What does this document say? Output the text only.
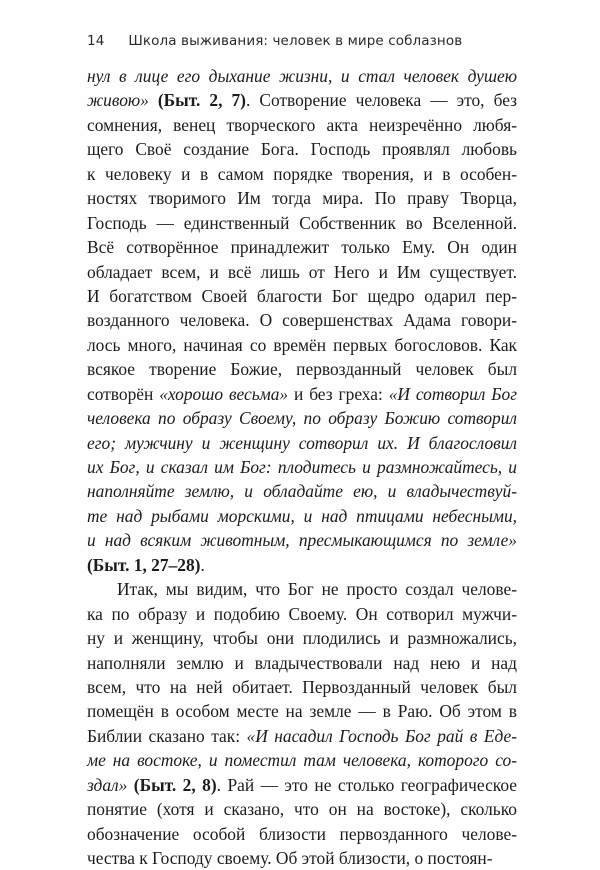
14 Школа выживания: человек в мире соблазнов
нул в лице его дыхание жизни, и стал человек душею
живою» (Быт. 2, 7). Сотворение человека — это, без
сомнения, венец творческого акта неизречённо любя-
щего Своё создание Бога. Господь проявлял любовь
к человеку и в самом порядке творения, и в особен-
ностях творимого Им тогда мира. По праву Творца,
Господь — единственный Собственник во Вселенной.
Всё сотворённое принадлежит только Ему. Он один
обладает всем, и всё лишь от Него и Им существует.
И богатством Своей благости Бог щедро одарил пер-
возданного человека. О совершенствах Адама говори-
лось много, начиная со времён первых богословов. Как
всякое творение Божие, первозданный человек был
сотворён «хорошо весьма» и без греха: «И сотворил Бог
человека по образу Своему, по образу Божию сотворил
его; мужчину и женщину сотворил их. И благословил
их Бог, и сказал им Бог: плодитесь и размножайтесь, и
наполняйте землю, и обладайте ею, и владычествуй-
те над рыбами морскими, и над птицами небесными,
и над всяким животным, пресмыкающимся по земле»
(Быт. 1, 27–28).
Итак, мы видим, что Бог не просто создал челове-
ка по образу и подобию Своему. Он сотворил мужчи-
ну и женщину, чтобы они плодились и размножались,
наполняли землю и владычествовали над нею и над
всем, что на ней обитает. Первозданный человек был
помещён в особом месте на земле — в Раю. Об этом в
Библии сказано так: «И насадил Господь Бог рай в Еде-
ме на востоке, и поместил там человека, которого со-
здал» (Быт. 2, 8). Рай — это не столько географическое
понятие (хотя и сказано, что он на востоке), сколько
обозначение особой близости первозданного челове-
чества к Господу своему. Об этой близости, о постоян-
